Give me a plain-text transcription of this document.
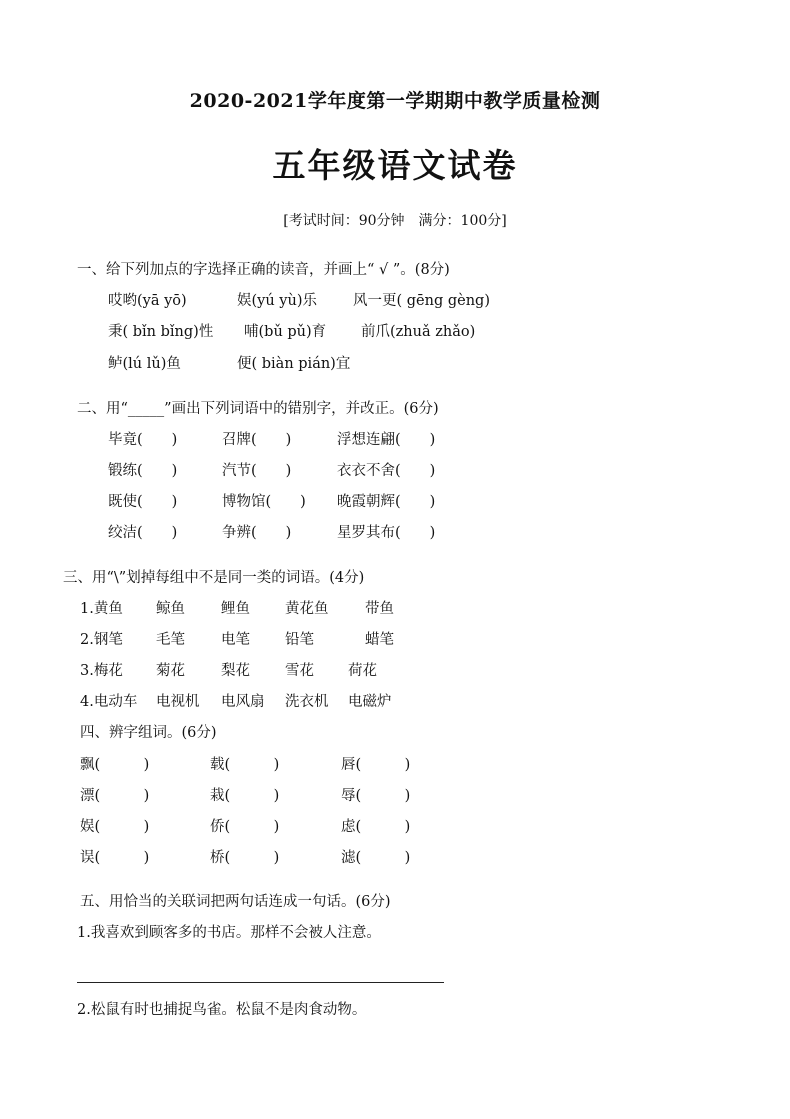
2020-2021学年度第一学期期中教学质量检测
五年级语文试卷
[考试时间：90分钟　满分：100分]
一、给下列加点的字选择正确的读音，并画上“ √ ”。(8分)
哎哟(yā yō)	娱(yú yù)乐 风一更( gēng gèng)
秉( bǐn bǐng)性 哺(bǔ pǔ)育 前爪(zhuǎ zhǎo)
鲈(lú lǔ)鱼	便( biàn pián)宜
二、用“_____”画出下列词语中的错别字，并改正。(6分)
毕竟(　　)	召牌(　　)	浮想连翩(　　)
锻练(　　)	汽节(　　)	衣衣不舍(　　)
既使(　　)	博物馆(　　) 晚霞朝辉(　　)
绞洁(　　)	争辨(　　)	星罗其布(　　)
三、用“\”划掉每组中不是同一类的词语。(4分)
1.黄鱼 鲸鱼 鲤鱼 黄花鱼	带鱼
2.钢笔 毛笔 电笔 铅笔	蜡笔
3.梅花 菊花 梨花 雪花 荷花
4.电动车 电视机 电风扇 洗衣机 电磁炉
四、辨字组词。(6分)
飘(　　　)	载(　　　)	唇(　　　)
漂(　　　)	栽(　　　)	辱(　　　)
娱(　　　)	侨(　　　)	虑(　　　)
误(　　　)	桥(　　　)	滤(　　　)
五、用恰当的关联词把两句话连成一句话。(6分)
1.我喜欢到顾客多的书店。那样不会被人注意。
2.松鼠有时也捕捉鸟雀。松鼠不是肉食动物。
